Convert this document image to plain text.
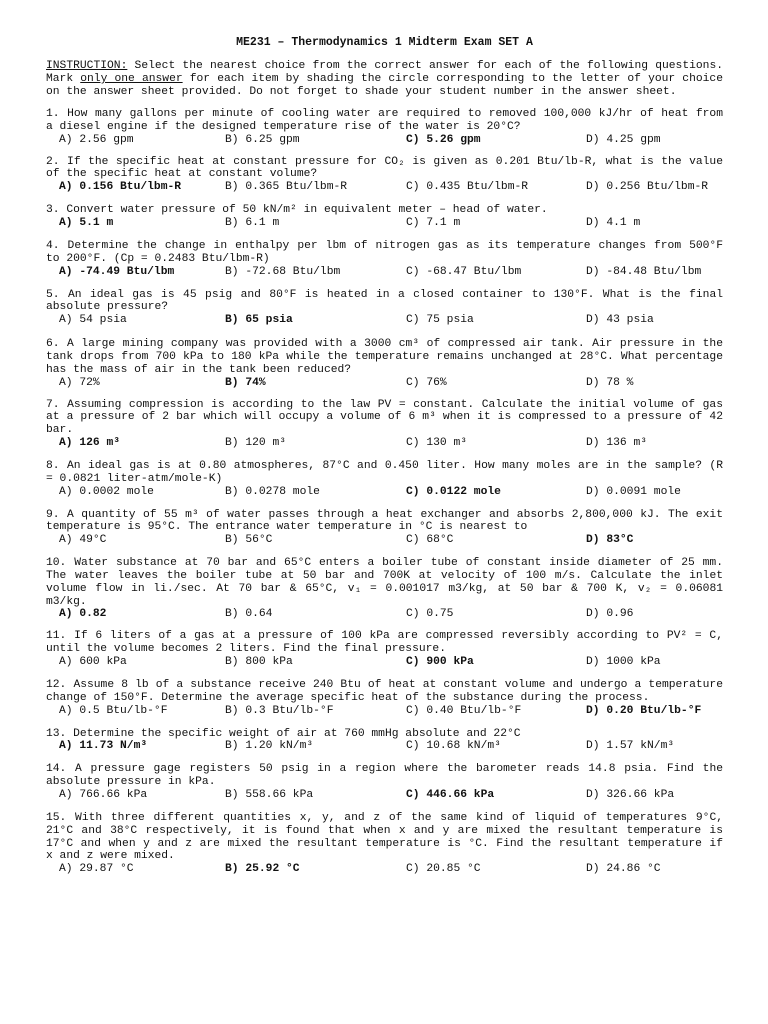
ME231 – Thermodynamics 1 Midterm Exam SET A

INSTRUCTION: Select the nearest choice from the correct answer for each of the following questions. Mark only one answer for each item by shading the circle corresponding to the letter of your choice on the answer sheet provided. Do not forget to shade your student number in the answer sheet.

1. How many gallons per minute of cooling water are required to removed 100,000 kJ/hr of heat from a diesel engine if the designed temperature rise of the water is 20°C?

A) 2.56 gpm	B) 6.25 gpm	C) 5.26 gpm	D) 4.25 gpm

2. If the specific heat at constant pressure for CO₂ is given as 0.201 Btu/lb-R, what is the value of the specific heat at constant volume?

A) 0.156 Btu/lbm-R	B) 0.365 Btu/lbm-R	C) 0.435 Btu/lbm-R	D) 0.256 Btu/lbm-R

3. Convert water pressure of 50 kN/m² in equivalent meter – head of water.

A) 5.1 m	B) 6.1 m	C) 7.1 m	D) 4.1 m

4. Determine the change in enthalpy per lbm of nitrogen gas as its temperature changes from 500°F to 200°F. (Cp = 0.2483 Btu/lbm-R)

A) -74.49 Btu/lbm	B) -72.68 Btu/lbm	C) -68.47 Btu/lbm	D) -84.48 Btu/lbm

5. An ideal gas is 45 psig and 80°F is heated in a closed container to 130°F. What is the final absolute pressure?

A) 54 psia	B) 65 psia	C) 75 psia	D) 43 psia

6. A large mining company was provided with a 3000 cm³ of compressed air tank. Air pressure in the tank drops from 700 kPa to 180 kPa while the temperature remains unchanged at 28°C. What percentage has the mass of air in the tank been reduced?

A) 72%	B) 74%	C) 76%	D) 78 %

7. Assuming compression is according to the law PV = constant. Calculate the initial volume of gas at a pressure of 2 bar which will occupy a volume of 6 m³ when it is compressed to a pressure of 42 bar.

A) 126 m³	B) 120 m³	C) 130 m³	D) 136 m³

8. An ideal gas is at 0.80 atmospheres, 87°C and 0.450 liter. How many moles are in the sample? (R = 0.0821 liter-atm/mole-K)

A) 0.0002 mole	B) 0.0278 mole	C) 0.0122 mole	D) 0.0091 mole

9. A quantity of 55 m³ of water passes through a heat exchanger and absorbs 2,800,000 kJ. The exit temperature is 95°C. The entrance water temperature in °C is nearest to

A) 49°C	B) 56°C	C) 68°C	D) 83°C

10. Water substance at 70 bar and 65°C enters a boiler tube of constant inside diameter of 25 mm. The water leaves the boiler tube at 50 bar and 700K at velocity of 100 m/s. Calculate the inlet volume flow in li./sec. At 70 bar & 65°C, v₁ = 0.001017 m3/kg, at 50 bar & 700 K, v₂ = 0.06081 m3/kg.

A) 0.82	B) 0.64	C) 0.75	D) 0.96

11. If 6 liters of a gas at a pressure of 100 kPa are compressed reversibly according to PV² = C, until the volume becomes 2 liters. Find the final pressure.

A) 600 kPa	B) 800 kPa	C) 900 kPa	D) 1000 kPa

12. Assume 8 lb of a substance receive 240 Btu of heat at constant volume and undergo a temperature change of 150°F. Determine the average specific heat of the substance during the process.

A) 0.5 Btu/lb-°F	B) 0.3 Btu/lb-°F	C) 0.40 Btu/lb-°F	D) 0.20 Btu/lb-°F

13. Determine the specific weight of air at 760 mmHg absolute and 22°C

A) 11.73 N/m³	B) 1.20 kN/m³	C) 10.68 kN/m³	D) 1.57 kN/m³

14. A pressure gage registers 50 psig in a region where the barometer reads 14.8 psia. Find the absolute pressure in kPa.

A) 766.66 kPa	B) 558.66 kPa	C) 446.66 kPa	D) 326.66 kPa

15. With three different quantities x, y, and z of the same kind of liquid of temperatures 9°C, 21°C and 38°C respectively, it is found that when x and y are mixed the resultant temperature is 17°C and when y and z are mixed the resultant temperature is °C. Find the resultant temperature if x and z were mixed.

A) 29.87 °C	B) 25.92 °C	C) 20.85 °C	D) 24.86 °C
